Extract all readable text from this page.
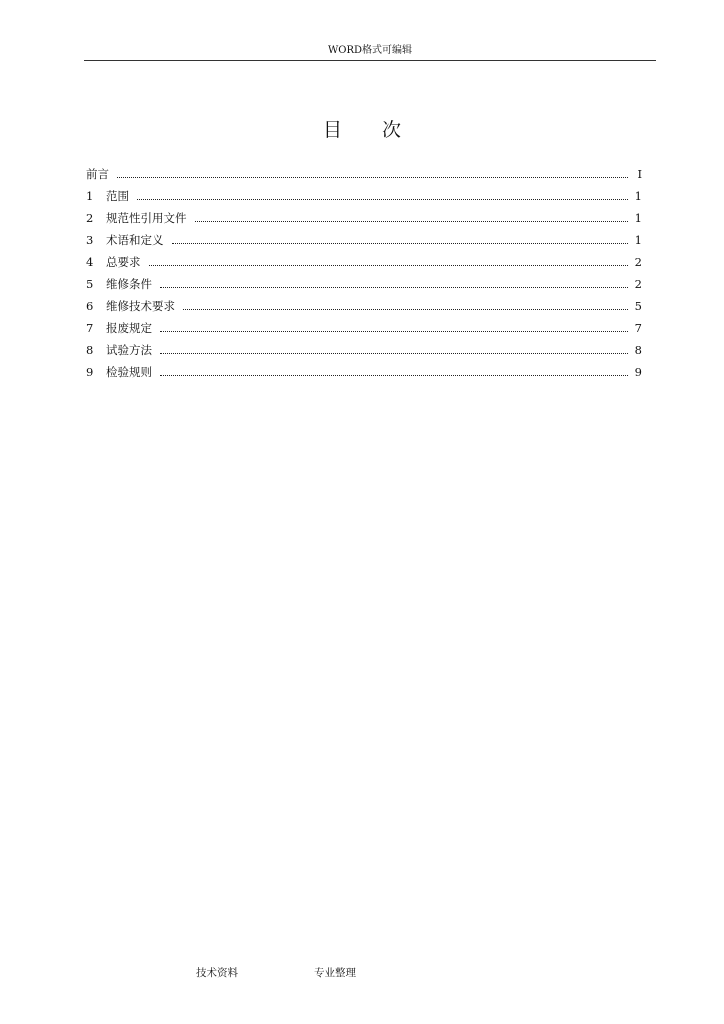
WORD格式可编辑
目 次
前言	I
1	范围	1
2	规范性引用文件	1
3	术语和定义	1
4	总要求	2
5	维修条件	2
6	维修技术要求	5
7	报废规定	7
8	试验方法	8
9	检验规则	9
技术资料	专业整理
